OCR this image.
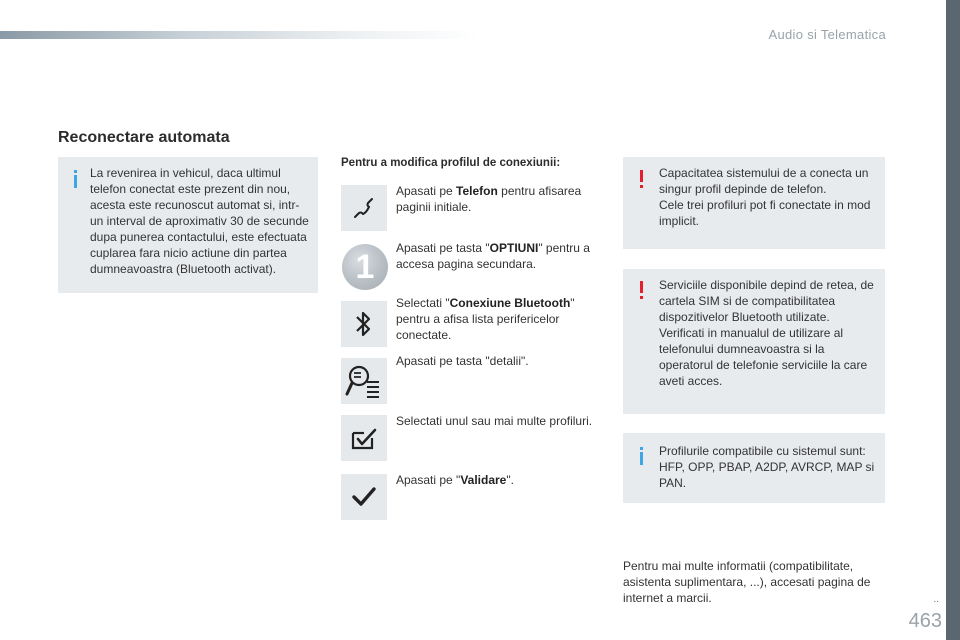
Audio si Telematica
Reconectare automata
La revenirea in vehicul, daca ultimul telefon conectat este prezent din nou, acesta este recunoscut automat si, intr-un interval de aproximativ 30 de secunde dupa punerea contactului, este efectuata cuplarea fara nicio actiune din partea dumneavoastra (Bluetooth activat).
Pentru a modifica profilul de conexiunii:
Apasati pe Telefon pentru afisarea paginii initiale.
1	Apasati pe tasta "OPTIUNI" pentru a accesa pagina secundara.
Selectati "Conexiune Bluetooth" pentru a afisa lista perifericelor conectate.
Apasati pe tasta "detalii".
Selectati unul sau mai multe profiluri.
Apasati pe "Validare".
Capacitatea sistemului de a conecta un singur profil depinde de telefon.
Cele trei profiluri pot fi conectate in mod implicit.
Serviciile disponibile depind de retea, de cartela SIM si de compatibilitatea dispozitivelor Bluetooth utilizate.
Verificati in manualul de utilizare al telefonului dumneavoastra si la operatorul de telefonie serviciile la care aveti acces.
Profilurile compatibile cu sistemul sunt: HFP, OPP, PBAP, A2DP, AVRCP, MAP si PAN.
Pentru mai multe informatii (compatibilitate, asistenta suplimentara, ...), accesati pagina de internet a marcii.	..
463
